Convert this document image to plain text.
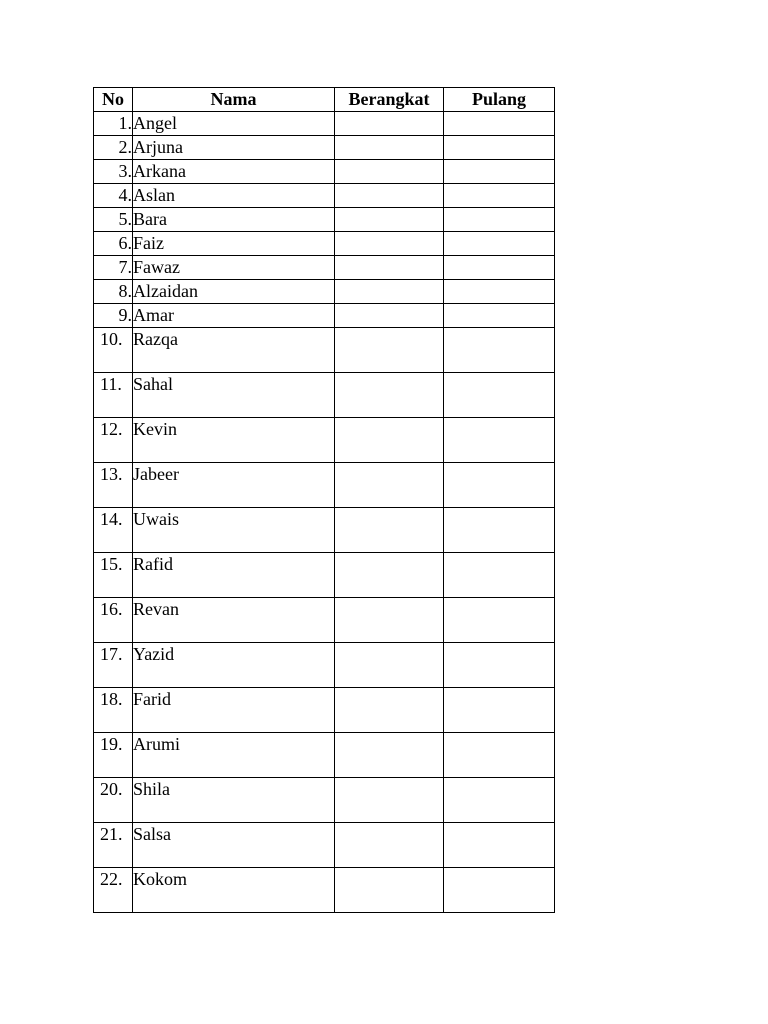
No	Nama	Berangkat	Pulang
1.	Angel		
2.	Arjuna		
3.	Arkana		
4.	Aslan		
5.	Bara		
6.	Faiz		
7.	Fawaz		
8.	Alzaidan		
9.	Amar		
10.	Razqa		
11.	Sahal		
12.	Kevin		
13.	Jabeer		
14.	Uwais		
15.	Rafid		
16.	Revan		
17.	Yazid		
18.	Farid		
19.	Arumi		
20.	Shila		
21.	Salsa		
22.	Kokom		
